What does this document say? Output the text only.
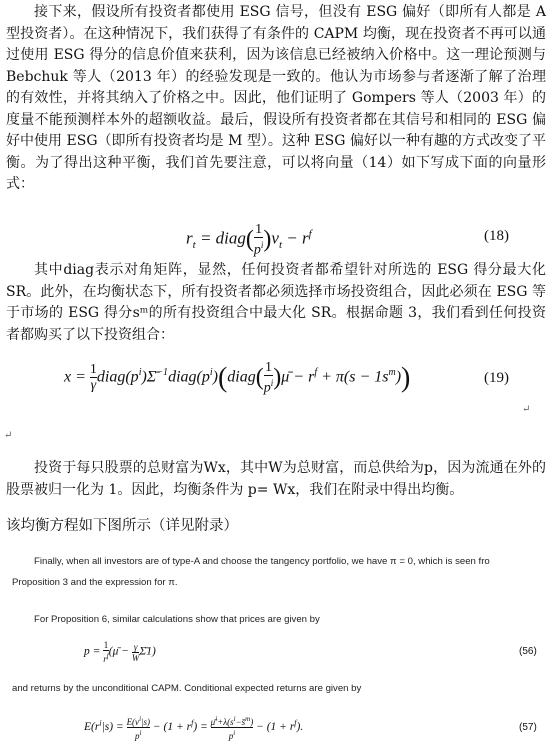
接下来，假设所有投资者都使用 ESG 信号，但没有 ESG 偏好（即所有人都是 A 型投资者）。在这种情况下，我们获得了有条件的 CAPM 均衡，现在投资者不再可以通过使用 ESG 得分的信息价值来获利，因为该信息已经被纳入价格中。这一理论预测与 Bebchuk 等人（2013 年）的经验发现是一致的。他认为市场参与者逐渐了解了治理的有效性，并将其纳入了价格之中。因此，他们证明了 Gompers 等人（2003 年）的度量不能预测样本外的超额收益。最后，假设所有投资者都在其信号和相同的 ESG 偏好中使用 ESG（即所有投资者均是 M 型）。这种 ESG 偏好以一种有趣的方式改变了平衡。为了得出这种平衡，我们首先要注意，可以将向量（14）如下写成下面的向量形式：
$r_t$ = diag( $\frac{1}{p^i} )v_t - r^f$	(18)
其中diag表示对角矩阵，显然，任何投资者都希望针对所选的 ESG 得分最大化 SR。此外，在均衡状态下，所有投资者都必须选择市场投资组合，因此必须在 ESG 等于市场的 ESG 得分sᵐ的所有投资组合中最大化 SR。根据命题 3，我们看到任何投资者都购买了以下投资组合：
$x = \frac{1}{\gamma}$ $diag(p^i)\Sigmā^{-1}diag(p^i)(diag( \frac{1}{p^i}$ )μ̄ − $r^f + \pi(s - 1s^m)$)	(19)
↵
↵
投资于每只股票的总财富为Wx，其中W为总财富，而总供给为p，因为流通在外的股票被归一化为 1。因此，均衡条件为 p= Wx，我们在附录中得出均衡。
该均衡方程如下图所示（详见附录）
Finally, when all investors are of type-A and choose the tangency portfolio, we have π = 0, which is seen fro
Proposition 3 and the expression for π.
For Proposition 6, similar calculations show that prices are given by
$p = \frac{1}{r^f}$ (μ̄ − $\frac{\gamma}{W}$ Σ̄1)	(56)
and returns by the unconditional CAPM. Conditional expected returns are given by
$E(r^i|s) = \frac{E(v^i|s)}{p^i} - (1 + r^f) = \frac{\mū^i+\lambda(s^i-s̄^m)}{p^i} - (1 + r^f)$.	(57)
